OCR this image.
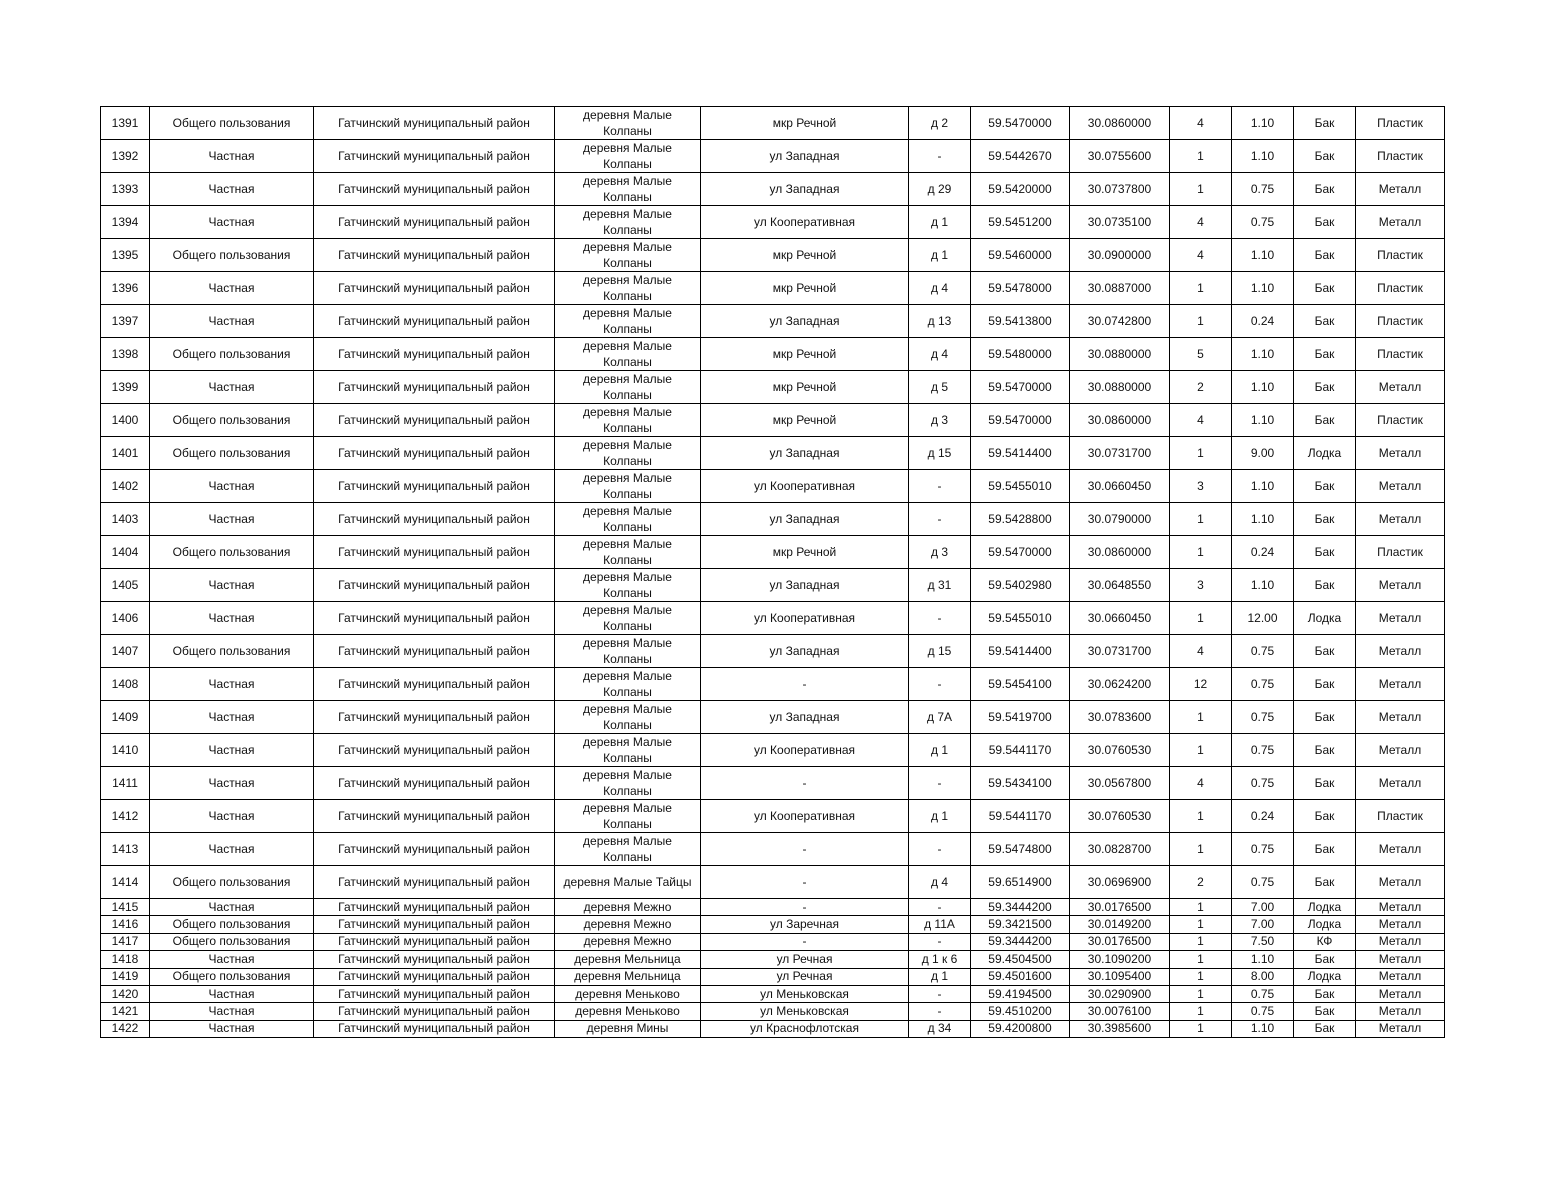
1391	Общего пользования	Гатчинский муниципальный район	деревня Малые Колпаны	мкр Речной	д 2	59.5470000	30.0860000	4	1.10	Бак	Пластик
1392	Частная	Гатчинский муниципальный район	деревня Малые Колпаны	ул Западная	-	59.5442670	30.0755600	1	1.10	Бак	Пластик
1393	Частная	Гатчинский муниципальный район	деревня Малые Колпаны	ул Западная	д 29	59.5420000	30.0737800	1	0.75	Бак	Металл
1394	Частная	Гатчинский муниципальный район	деревня Малые Колпаны	ул Кооперативная	д 1	59.5451200	30.0735100	4	0.75	Бак	Металл
1395	Общего пользования	Гатчинский муниципальный район	деревня Малые Колпаны	мкр Речной	д 1	59.5460000	30.0900000	4	1.10	Бак	Пластик
1396	Частная	Гатчинский муниципальный район	деревня Малые Колпаны	мкр Речной	д 4	59.5478000	30.0887000	1	1.10	Бак	Пластик
1397	Частная	Гатчинский муниципальный район	деревня Малые Колпаны	ул Западная	д 13	59.5413800	30.0742800	1	0.24	Бак	Пластик
1398	Общего пользования	Гатчинский муниципальный район	деревня Малые Колпаны	мкр Речной	д 4	59.5480000	30.0880000	5	1.10	Бак	Пластик
1399	Частная	Гатчинский муниципальный район	деревня Малые Колпаны	мкр Речной	д 5	59.5470000	30.0880000	2	1.10	Бак	Металл
1400	Общего пользования	Гатчинский муниципальный район	деревня Малые Колпаны	мкр Речной	д 3	59.5470000	30.0860000	4	1.10	Бак	Пластик
1401	Общего пользования	Гатчинский муниципальный район	деревня Малые Колпаны	ул Западная	д 15	59.5414400	30.0731700	1	9.00	Лодка	Металл
1402	Частная	Гатчинский муниципальный район	деревня Малые Колпаны	ул Кооперативная	-	59.5455010	30.0660450	3	1.10	Бак	Металл
1403	Частная	Гатчинский муниципальный район	деревня Малые Колпаны	ул Западная	-	59.5428800	30.0790000	1	1.10	Бак	Металл
1404	Общего пользования	Гатчинский муниципальный район	деревня Малые Колпаны	мкр Речной	д 3	59.5470000	30.0860000	1	0.24	Бак	Пластик
1405	Частная	Гатчинский муниципальный район	деревня Малые Колпаны	ул Западная	д 31	59.5402980	30.0648550	3	1.10	Бак	Металл
1406	Частная	Гатчинский муниципальный район	деревня Малые Колпаны	ул Кооперативная	-	59.5455010	30.0660450	1	12.00	Лодка	Металл
1407	Общего пользования	Гатчинский муниципальный район	деревня Малые Колпаны	ул Западная	д 15	59.5414400	30.0731700	4	0.75	Бак	Металл
1408	Частная	Гатчинский муниципальный район	деревня Малые Колпаны	-	-	59.5454100	30.0624200	12	0.75	Бак	Металл
1409	Частная	Гатчинский муниципальный район	деревня Малые Колпаны	ул Западная	д 7А	59.5419700	30.0783600	1	0.75	Бак	Металл
1410	Частная	Гатчинский муниципальный район	деревня Малые Колпаны	ул Кооперативная	д 1	59.5441170	30.0760530	1	0.75	Бак	Металл
1411	Частная	Гатчинский муниципальный район	деревня Малые Колпаны	-	-	59.5434100	30.0567800	4	0.75	Бак	Металл
1412	Частная	Гатчинский муниципальный район	деревня Малые Колпаны	ул Кооперативная	д 1	59.5441170	30.0760530	1	0.24	Бак	Пластик
1413	Частная	Гатчинский муниципальный район	деревня Малые Колпаны	-	-	59.5474800	30.0828700	1	0.75	Бак	Металл
1414	Общего пользования	Гатчинский муниципальный район	деревня Малые Тайцы	-	д 4	59.6514900	30.0696900	2	0.75	Бак	Металл
1415	Частная	Гатчинский муниципальный район	деревня Межно	-	-	59.3444200	30.0176500	1	7.00	Лодка	Металл
1416	Общего пользования	Гатчинский муниципальный район	деревня Межно	ул Заречная	д 11А	59.3421500	30.0149200	1	7.00	Лодка	Металл
1417	Общего пользования	Гатчинский муниципальный район	деревня Межно	-	-	59.3444200	30.0176500	1	7.50	КФ	Металл
1418	Частная	Гатчинский муниципальный район	деревня Мельница	ул Речная	д 1 к 6	59.4504500	30.1090200	1	1.10	Бак	Металл
1419	Общего пользования	Гатчинский муниципальный район	деревня Мельница	ул Речная	д 1	59.4501600	30.1095400	1	8.00	Лодка	Металл
1420	Частная	Гатчинский муниципальный район	деревня Меньково	ул Меньковская	-	59.4194500	30.0290900	1	0.75	Бак	Металл
1421	Частная	Гатчинский муниципальный район	деревня Меньково	ул Меньковская	-	59.4510200	30.0076100	1	0.75	Бак	Металл
1422	Частная	Гатчинский муниципальный район	деревня Мины	ул Краснофлотская	д 34	59.4200800	30.3985600	1	1.10	Бак	Металл
